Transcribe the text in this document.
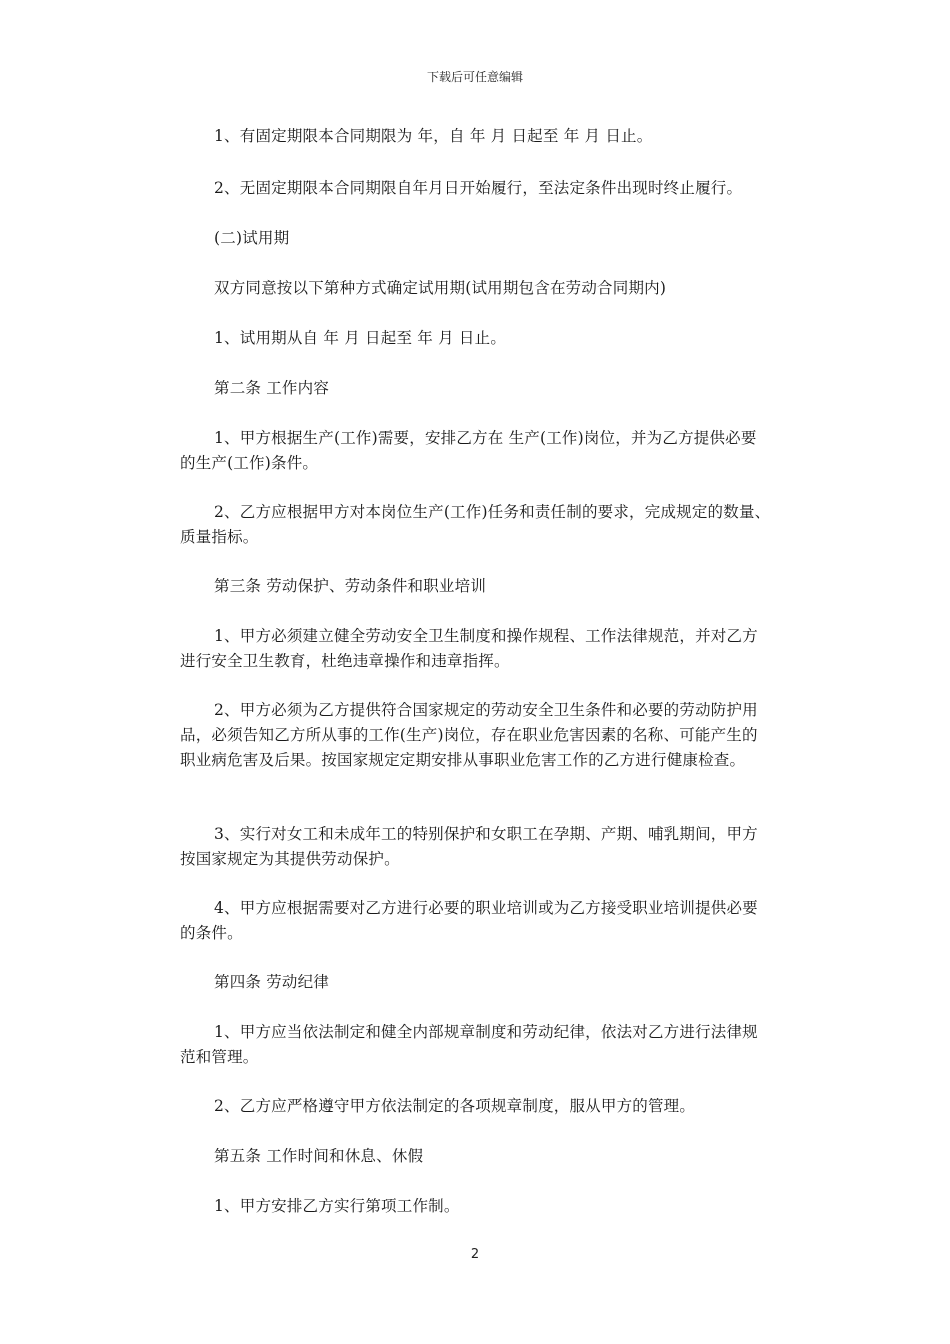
下载后可任意编辑

1、有固定期限本合同期限为 年，自 年 月 日起至 年 月 日止。

2、无固定期限本合同期限自年月日开始履行，至法定条件出现时终止履行。

(二)试用期

双方同意按以下第种方式确定试用期(试用期包含在劳动合同期内)

1、试用期从自 年 月 日起至 年 月 日止。

第二条 工作内容

1、甲方根据生产(工作)需要，安排乙方在 生产(工作)岗位，并为乙方提供必要的生产(工作)条件。

2、乙方应根据甲方对本岗位生产(工作)任务和责任制的要求，完成规定的数量、质量指标。

第三条 劳动保护、劳动条件和职业培训

1、甲方必须建立健全劳动安全卫生制度和操作规程、工作法律规范，并对乙方进行安全卫生教育，杜绝违章操作和违章指挥。

2、甲方必须为乙方提供符合国家规定的劳动安全卫生条件和必要的劳动防护用品，必须告知乙方所从事的工作(生产)岗位，存在职业危害因素的名称、可能产生的职业病危害及后果。按国家规定定期安排从事职业危害工作的乙方进行健康检查。

3、实行对女工和未成年工的特别保护和女职工在孕期、产期、哺乳期间，甲方按国家规定为其提供劳动保护。

4、甲方应根据需要对乙方进行必要的职业培训或为乙方接受职业培训提供必要的条件。

第四条 劳动纪律

1、甲方应当依法制定和健全内部规章制度和劳动纪律，依法对乙方进行法律规范和管理。

2、乙方应严格遵守甲方依法制定的各项规章制度，服从甲方的管理。

第五条 工作时间和休息、休假

1、甲方安排乙方实行第项工作制。

2
